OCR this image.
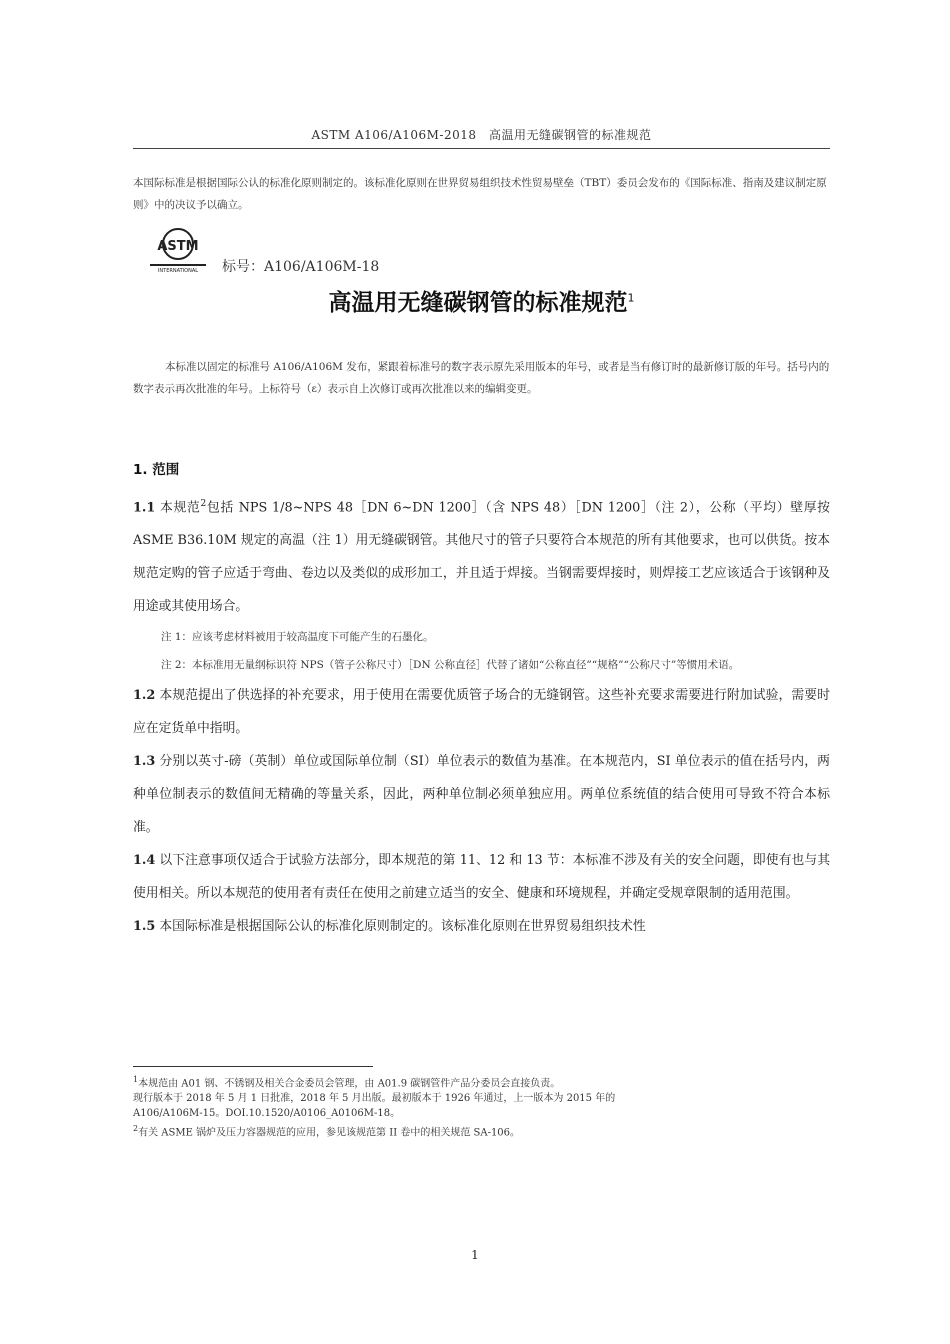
ASTM A106/A106M-2018　高温用无缝碳钢管的标准规范
本国际标准是根据国际公认的标准化原则制定的。该标准化原则在世界贸易组织技术性贸易壁垒（TBT）委员会发布的《国际标准、指南及建议制定原则》中的决议予以确立。
ASTM
INTERNATIONAL 标号：A106/A106M-18
高温用无缝碳钢管的标准规范$^1$
本标准以固定的标准号 A106/A106M 发布，紧跟着标准号的数字表示原先采用版本的年号，或者是当有修订时的最新修订版的年号。括号内的数字表示再次批准的年号。上标符号（ε）表示自上次修订或再次批准以来的编辑变更。
1. 范围

1.1 本规范$^2$包括 NPS 1/8~NPS 48［DN 6~DN 1200］（含 NPS 48）［DN 1200］（注 2），公称（平均）壁厚按 ASME B36.10M 规定的高温（注 1）用无缝碳钢管。其他尺寸的管子只要符合本规范的所有其他要求，也可以供货。按本规范定购的管子应适于弯曲、卷边以及类似的成形加工，并且适于焊接。当钢需要焊接时，则焊接工艺应该适合于该钢种及用途或其使用场合。

注 1：应该考虑材料被用于较高温度下可能产生的石墨化。

注 2：本标准用无量纲标识符 NPS（管子公称尺寸）［DN 公称直径］代替了诸如“公称直径”“规格”“公称尺寸”等惯用术语。

1.2 本规范提出了供选择的补充要求，用于使用在需要优质管子场合的无缝钢管。这些补充要求需要进行附加试验，需要时应在定货单中指明。

1.3 分别以英寸-磅（英制）单位或国际单位制（SI）单位表示的数值为基准。在本规范内，SI 单位表示的值在括号内，两种单位制表示的数值间无精确的等量关系，因此，两种单位制必须单独应用。两单位系统值的结合使用可导致不符合本标准。

1.4 以下注意事项仅适合于试验方法部分，即本规范的第 11、12 和 13 节：本标准不涉及有关的安全问题，即使有也与其使用相关。所以本规范的使用者有责任在使用之前建立适当的安全、健康和环境规程，并确定受规章限制的适用范围。

1.5 本国际标准是根据国际公认的标准化原则制定的。该标准化原则在世界贸易组织技术性

$^1$本规范由 A01 钢、不锈钢及相关合金委员会管理，由 A01.9 碳钢管件产品分委员会直接负责。

现行版本于 2018 年 5 月 1 日批准，2018 年 5 月出版。最初版本于 1926 年通过，上一版本为 2015 年的

A106/A106M-15。DOI.10.1520/A0106_A0106M-18。

$^2$有关 ASME 锅炉及压力容器规范的应用，参见该规范第 II 卷中的相关规范 SA-106。

1
